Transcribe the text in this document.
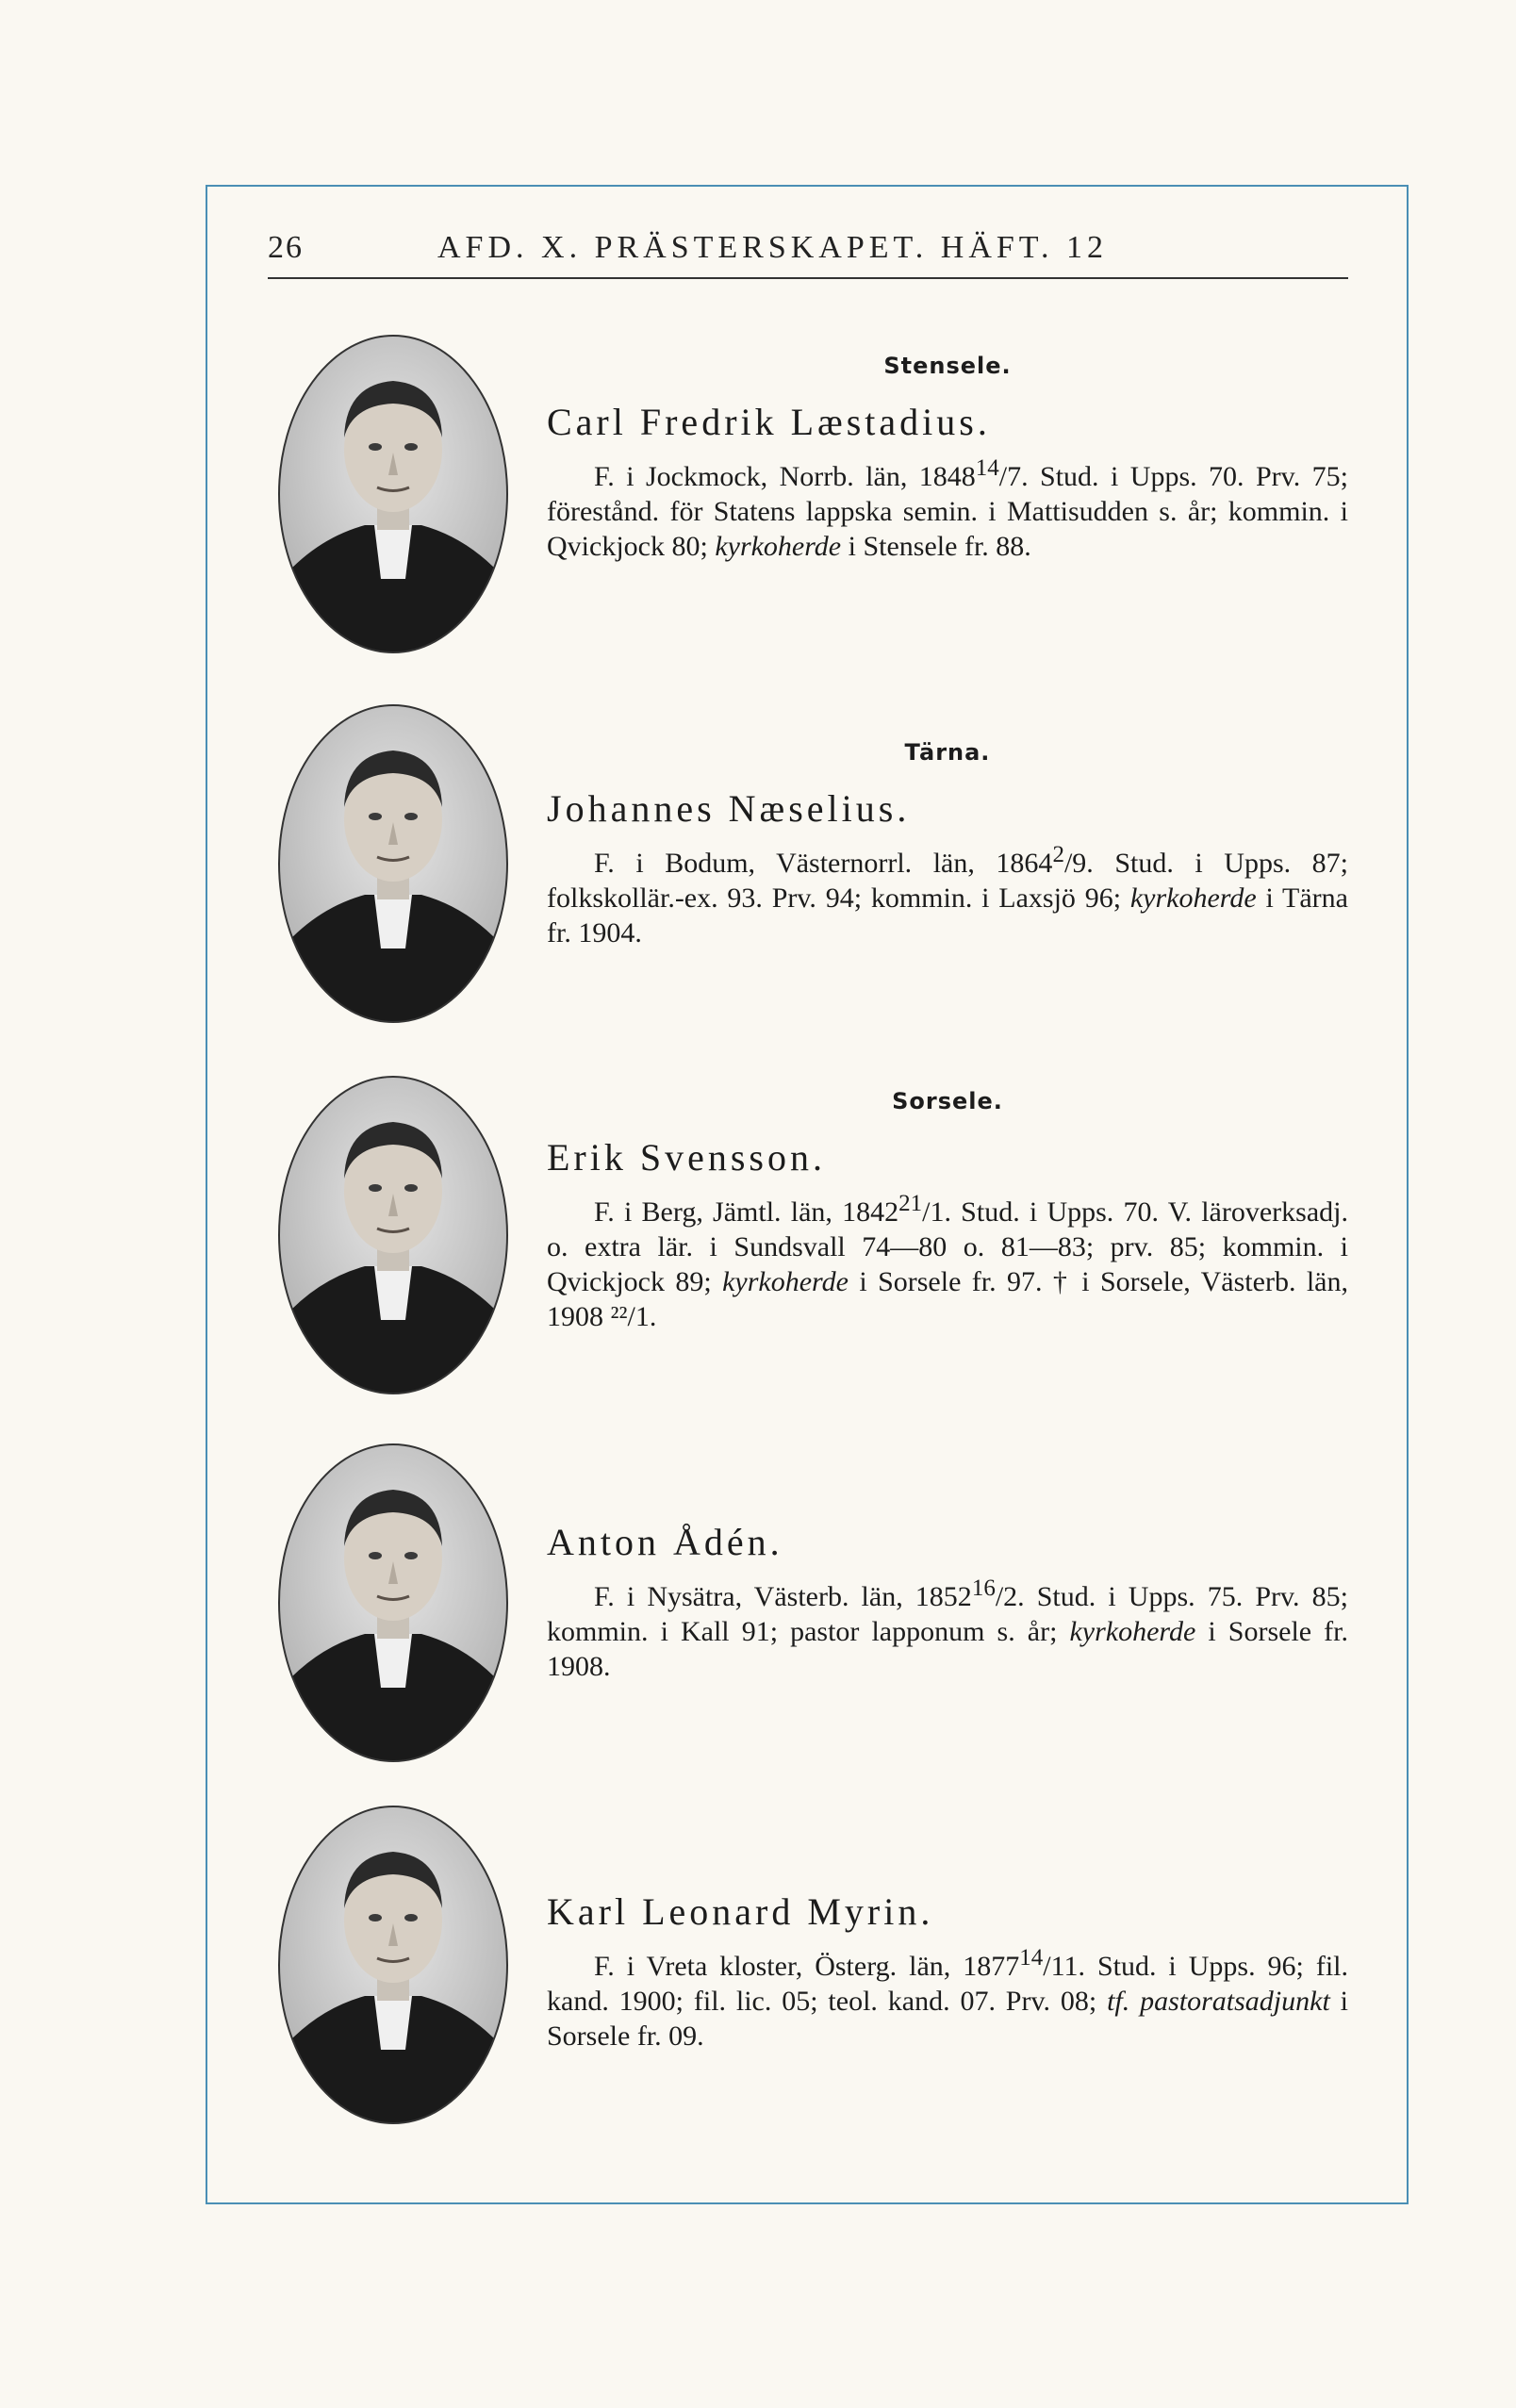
26	AFD. X. PRÄSTERSKAPET. HÄFT. 12
Stensele.
Carl Fredrik Læstadius.
F. i Jockmock, Norrb. län, 1848$^{14}$/7. Stud. i Upps. 70. Prv. 75; förestånd. för Statens lappska semin. i Mattisudden s. år; kommin. i Qvickjock 80; kyrkoherde i Stensele fr. 88.
Tärna.
Johannes Næselius.
F. i Bodum, Västernorrl. län, 1864$^2$/9. Stud. i Upps. 87; folkskollär.-ex. 93. Prv. 94; kommin. i Laxsjö 96; kyrkoherde i Tärna fr. 1904.
Sorsele.
Erik Svensson.
F. i Berg, Jämtl. län, 1842$^{21}$/1. Stud. i Upps. 70. V. läroverksadj. o. extra lär. i Sundsvall 74—80 o. 81—83; prv. 85; kommin. i Qvickjock 89; kyrkoherde i Sorsele fr. 97. † i Sorsele, Västerb. län, 1908 ²²/1.
Anton Ådén.
F. i Nysätra, Västerb. län, 1852$^{16}$/2. Stud. i Upps. 75. Prv. 85; kommin. i Kall 91; pastor lapponum s. år; kyrkoherde i Sorsele fr. 1908.
Karl Leonard Myrin.
F. i Vreta kloster, Österg. län, 1877$^{14}$/11. Stud. i Upps. 96; fil. kand. 1900; fil. lic. 05; teol. kand. 07. Prv. 08; tf. pastoratsadjunkt i Sorsele fr. 09.
